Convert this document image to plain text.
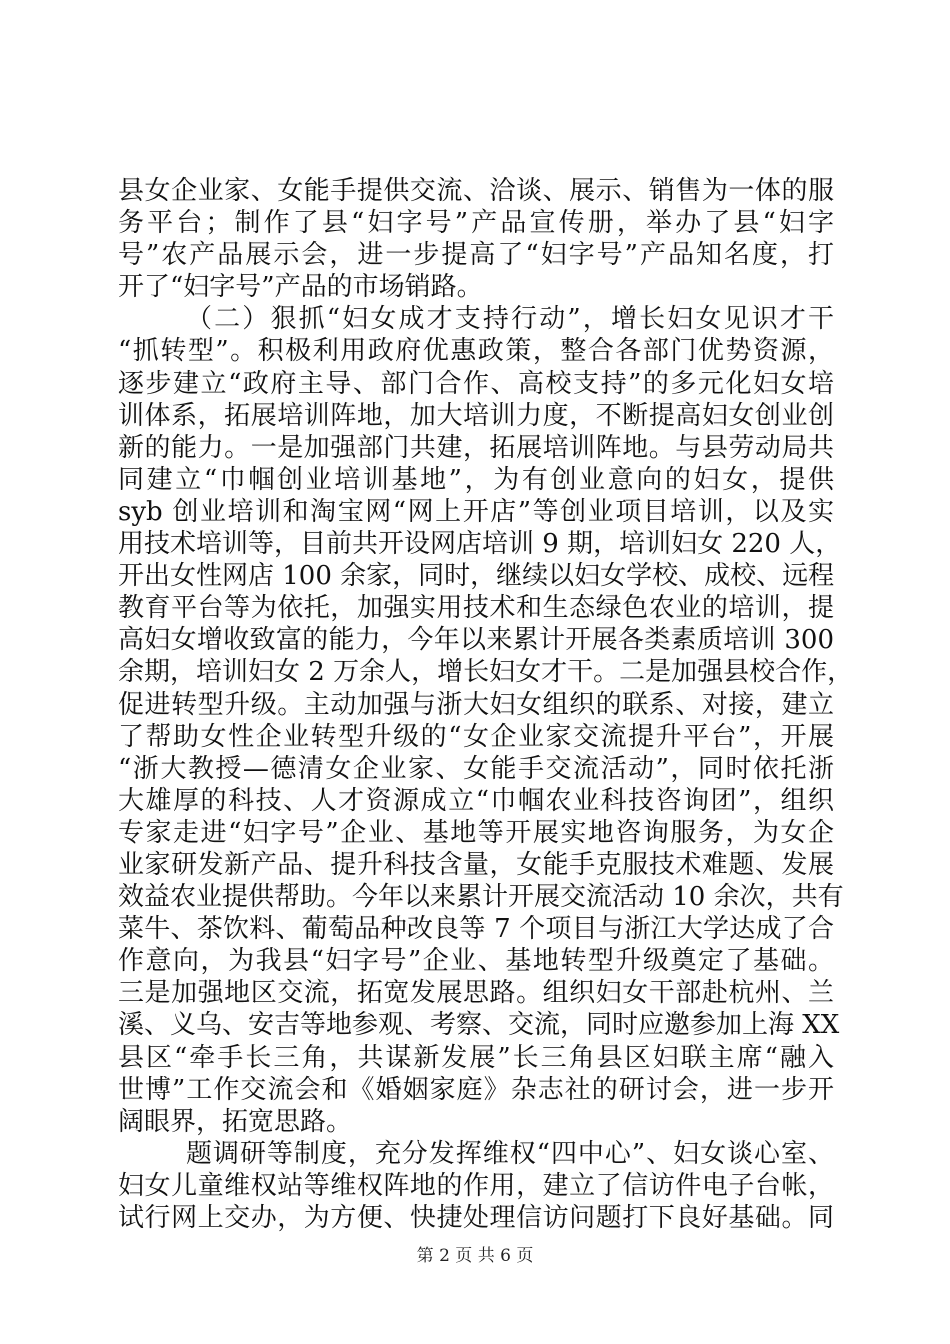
县女企业家、女能手提供交流、洽谈、展示、销售为一体的服
务平台；制作了县“妇字号”产品宣传册，举办了县“妇字
号”农产品展示会，进一步提高了“妇字号”产品知名度，打
开了“妇字号”产品的市场销路。
（二）狠抓“妇女成才支持行动”，增长妇女见识才干
“抓转型”。积极利用政府优惠政策，整合各部门优势资源，
逐步建立“政府主导、部门合作、高校支持”的多元化妇女培
训体系，拓展培训阵地，加大培训力度，不断提高妇女创业创
新的能力。一是加强部门共建，拓展培训阵地。与县劳动局共
同建立“巾帼创业培训基地”，为有创业意向的妇女，提供
syb 创业培训和淘宝网“网上开店”等创业项目培训，以及实
用技术培训等，目前共开设网店培训 9 期，培训妇女 220 人，
开出女性网店 100 余家，同时，继续以妇女学校、成校、远程
教育平台等为依托，加强实用技术和生态绿色农业的培训，提
高妇女增收致富的能力，今年以来累计开展各类素质培训 300
余期，培训妇女 2 万余人，增长妇女才干。二是加强县校合作，
促进转型升级。主动加强与浙大妇女组织的联系、对接，建立
了帮助女性企业转型升级的“女企业家交流提升平台”，开展
“浙大教授—德清女企业家、女能手交流活动”，同时依托浙
大雄厚的科技、人才资源成立“巾帼农业科技咨询团”，组织
专家走进“妇字号”企业、基地等开展实地咨询服务，为女企
业家研发新产品、提升科技含量，女能手克服技术难题、发展
效益农业提供帮助。今年以来累计开展交流活动 10 余次，共有
菜牛、茶饮料、葡萄品种改良等 7 个项目与浙江大学达成了合
作意向，为我县“妇字号”企业、基地转型升级奠定了基础。
三是加强地区交流，拓宽发展思路。组织妇女干部赴杭州、兰
溪、义乌、安吉等地参观、考察、交流，同时应邀参加上海 XX
县区“牵手长三角，共谋新发展”长三角县区妇联主席“融入
世博”工作交流会和《婚姻家庭》杂志社的研讨会，进一步开
阔眼界，拓宽思路。
题调研等制度，充分发挥维权“四中心”、妇女谈心室、
妇女儿童维权站等维权阵地的作用，建立了信访件电子台帐，
试行网上交办，为方便、快捷处理信访问题打下良好基础。同
第 2 页 共 6 页
